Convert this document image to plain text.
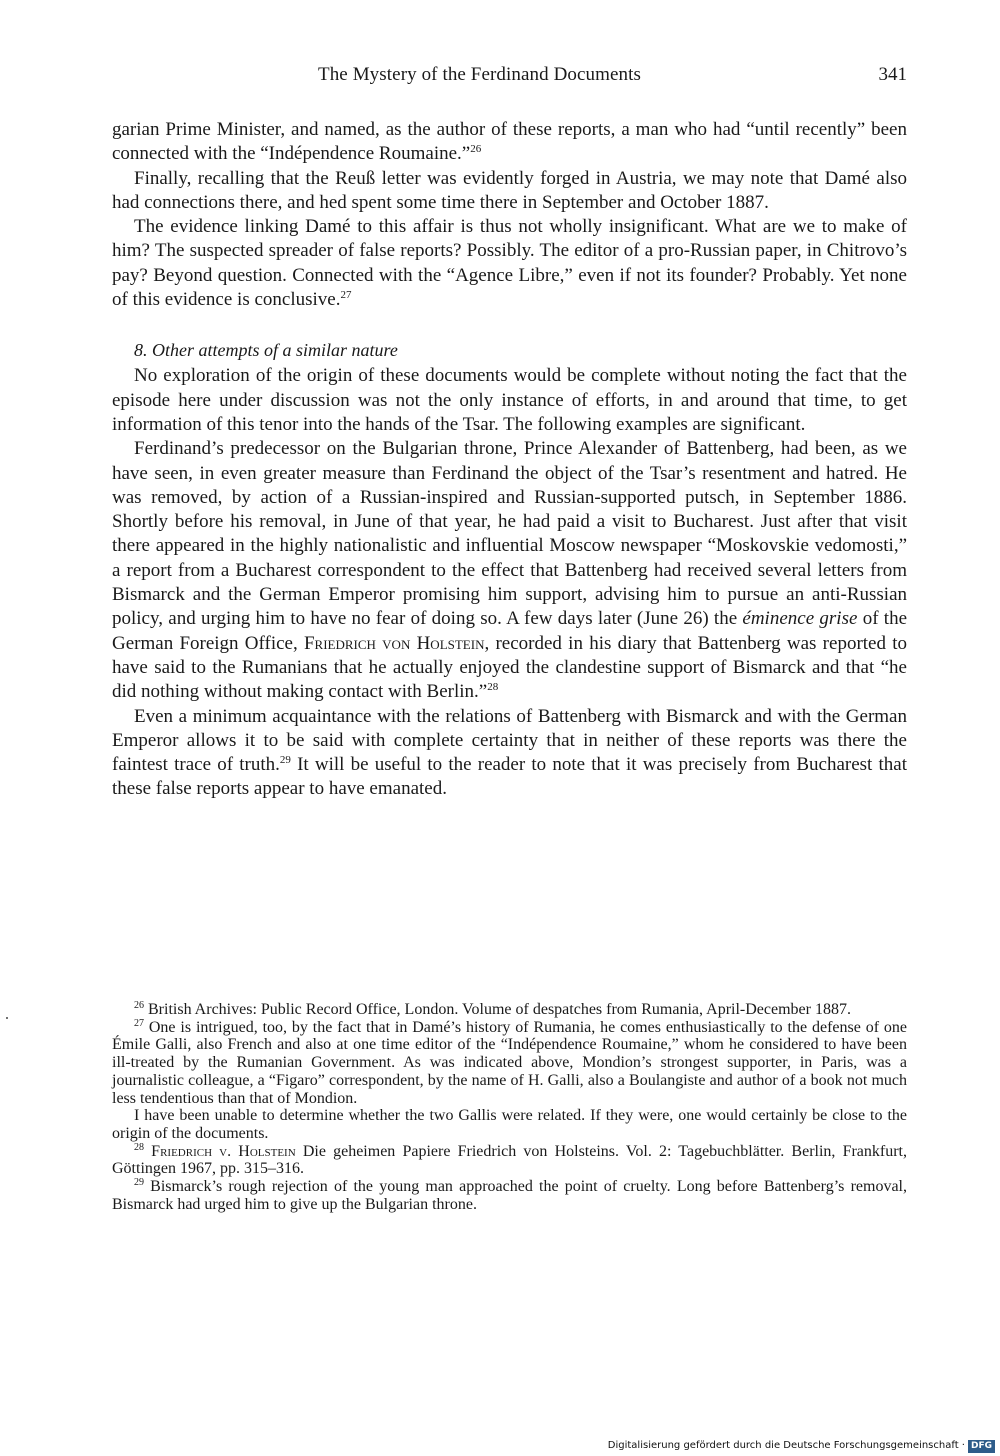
The Mystery of the Ferdinand Documents	341

garian Prime Minister, and named, as the author of these reports, a man who had “until recently” been connected with the “Indépendence Roumaine.”$^{26}$

Finally, recalling that the Reuß letter was evidently forged in Austria, we may note that Damé also had connections there, and hed spent some time there in September and October 1887.

The evidence linking Damé to this affair is thus not wholly insignificant. What are we to make of him? The suspected spreader of false reports? Possibly. The editor of a pro-Russian paper, in Chitrovo’s pay? Beyond question. Connected with the “Agence Libre,” even if not its founder? Probably. Yet none of this evidence is conclusive.$^{27}$

8. Other attempts of a similar nature

No exploration of the origin of these documents would be complete without noting the fact that the episode here under discussion was not the only instance of efforts, in and around that time, to get information of this tenor into the hands of the Tsar. The following examples are significant.

Ferdinand’s predecessor on the Bulgarian throne, Prince Alexander of Battenberg, had been, as we have seen, in even greater measure than Ferdinand the object of the Tsar’s resentment and hatred. He was removed, by action of a Russian-inspired and Russian-supported putsch, in September 1886. Shortly before his removal, in June of that year, he had paid a visit to Bucharest. Just after that visit there appeared in the highly nationalistic and influential Moscow newspaper “Moskovskie vedomosti,” a report from a Bucharest correspondent to the effect that Battenberg had received several letters from Bismarck and the German Emperor promising him support, advising him to pursue an anti-Russian policy, and urging him to have no fear of doing so. A few days later (June 26) the éminence grise of the German Foreign Office, Friedrich von Holstein, recorded in his diary that Battenberg was reported to have said to the Rumanians that he actually enjoyed the clandestine support of Bismarck and that “he did nothing without making contact with Berlin.”$^{28}$

Even a minimum acquaintance with the relations of Battenberg with Bismarck and with the German Emperor allows it to be said with complete certainty that in neither of these reports was there the faintest trace of truth.$^{29}$ It will be useful to the reader to note that it was precisely from Bucharest that these false reports appear to have emanated.

$^{26}$ British Archives: Public Record Office, London. Volume of despatches from Rumania, April-December 1887.

$^{27}$ One is intrigued, too, by the fact that in Damé’s history of Rumania, he comes enthusiastically to the defense of one Émile Galli, also French and also at one time editor of the “Indépendence Roumaine,” whom he considered to have been ill-treated by the Rumanian Government. As was indicated above, Mondion’s strongest supporter, in Paris, was a journalistic colleague, a “Figaro” correspondent, by the name of H. Galli, also a Boulangiste and author of a book not much less tendentious than that of Mondion.

I have been unable to determine whether the two Gallis were related. If they were, one would certainly be close to the origin of the documents.

$^{28}$ Friedrich v. Holstein Die geheimen Papiere Friedrich von Holsteins. Vol. 2: Tagebuchblätter. Berlin, Frankfurt, Göttingen 1967, pp. 315–316.

$^{29}$ Bismarck’s rough rejection of the young man approached the point of cruelty. Long before Battenberg’s removal, Bismarck had urged him to give up the Bulgarian throne.

Digitalisierung gefördert durch die Deutsche Forschungsgemeinschaft · DFG
